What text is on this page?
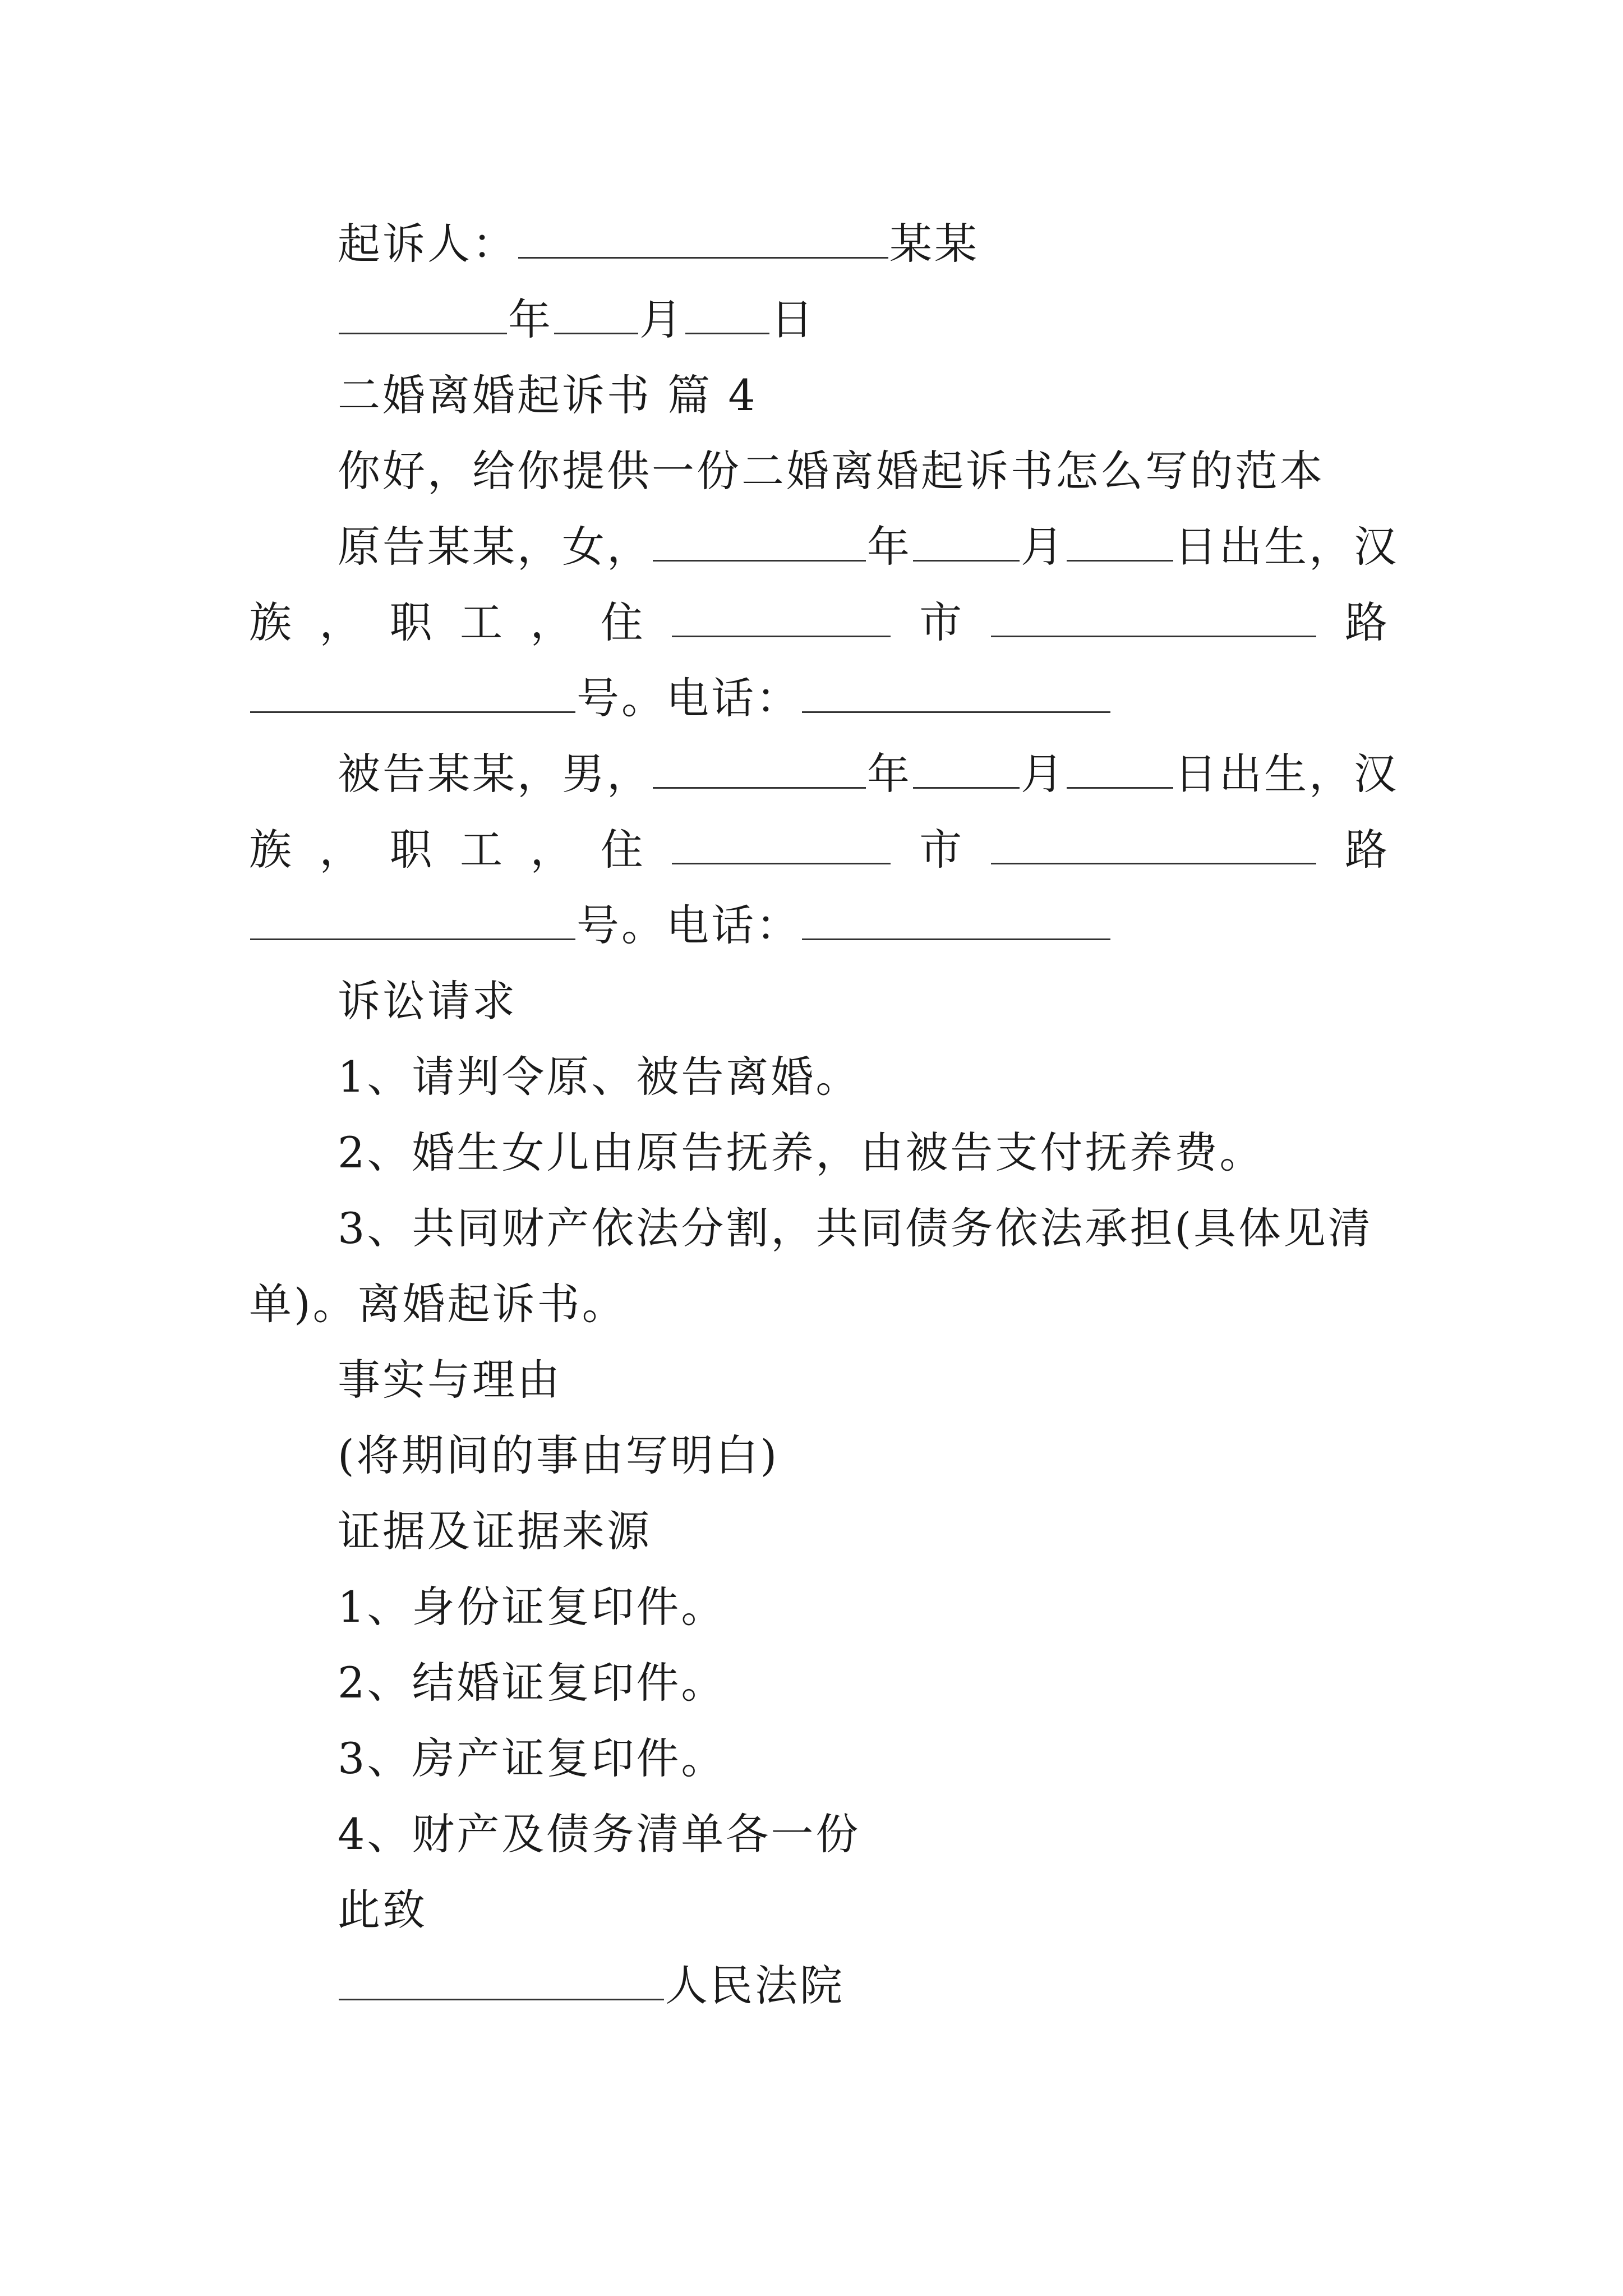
起诉人：	某某
年 月 日
二婚离婚起诉书 篇 4
你好，给你提供一份二婚离婚起诉书怎么写的范本
原告某某，女，	年	月	日出生，汉
族 ， 职 工 ， 住	市	路
号。电话：
被告某某，男，	年	月	日出生，汉
族 ， 职 工 ， 住	市	路
号。电话：
诉讼请求
1、请判令原、被告离婚。
2、婚生女儿由原告抚养，由被告支付抚养费。
3、共同财产依法分割，共同债务依法承担(具体见清
单)。离婚起诉书。
事实与理由
(将期间的事由写明白)
证据及证据来源
1、身份证复印件。
2、结婚证复印件。
3、房产证复印件。
4、财产及债务清单各一份
此致
人民法院
